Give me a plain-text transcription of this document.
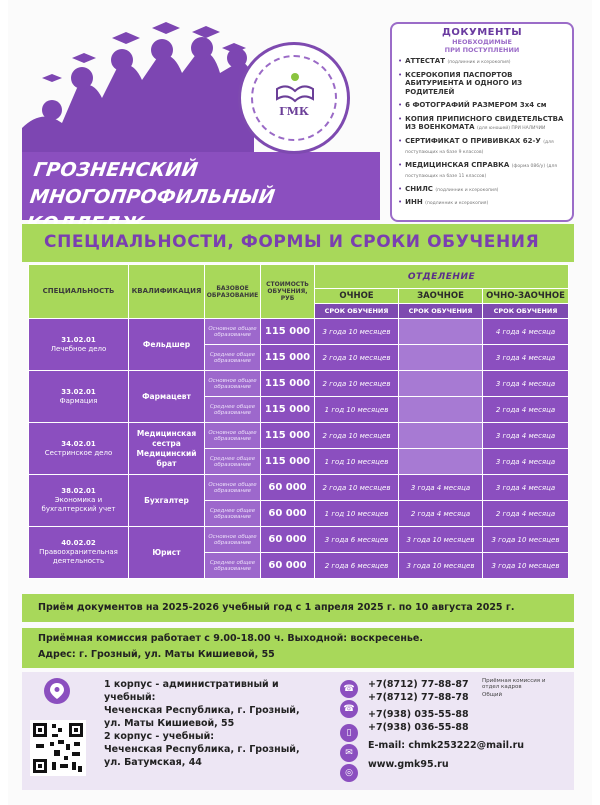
ГРОЗНЕНСКИЙ
МНОГОПРОФИЛЬНЫЙ
ГМК
ДОКУМЕНТЫ
НЕОБХОДИМЫЕ
ПРИ ПОСТУПЛЕНИИ
• АТТЕСТАТ (подлинник и ксерокопия)
• КСЕРОКОПИЯ ПАСПОРТОВ АБИТУРИЕНТА И ОДНОГО ИЗ РОДИТЕЛЕЙ
• 6 ФОТОГРАФИЙ РАЗМЕРОМ 3х4 см
• КОПИЯ ПРИПИСНОГО СВИДЕТЕЛЬСТВА ИЗ ВОЕНКОМАТА (для юношей) ПРИ НАЛИЧИИ
• СЕРТИФИКАТ О ПРИВИВКАХ 62-У (для поступающих на базе 9 классов)
• МЕДИЦИНСКАЯ СПРАВКА (форма 086/у) (для поступающих на базе 11 классов)
• СНИЛС (подлинник и ксерокопия)
• ИНН (подлинник и ксерокопия)
СПЕЦИАЛЬНОСТИ, ФОРМЫ И СРОКИ ОБУЧЕНИЯ
СПЕЦИАЛЬНОСТЬ	КВАЛИФИКАЦИЯ	БАЗОВОЕ ОБРАЗОВАНИЕ	СТОИМОСТЬ ОБУЧЕНИЯ, РУБ	ОТДЕЛЕНИЕ		
				ОЧНОЕ	ЗАОЧНОЕ	ОЧНО-ЗАОЧНОЕ
				СРОК ОБУЧЕНИЯ	СРОК ОБУЧЕНИЯ	СРОК ОБУЧЕНИЯ

31.02.01
Лечебное дело	Фельдшер	Основное общее образование	115 000	3 года 10 месяцев		4 года 4 месяца
		Среднее общее образование	115 000	2 года 10 месяцев		3 года 4 месяца

33.02.01
Фармация	Фармацевт	Основное общее образование	115 000	2 года 10 месяцев		3 года 4 месяца
		Среднее общее образование	115 000	1 год 10 месяцев		2 года 4 месяца

34.02.01
Сестринское дело	Медицинская сестра Медицинский брат	Основное общее образование	115 000	2 года 10 месяцев		3 года 4 месяца
		Среднее общее образование	115 000	1 год 10 месяцев		3 года 4 месяца

38.02.01
Экономика и бухгалтерский учет	Бухгалтер	Основное общее образование	60 000	2 года 10 месяцев	3 года 4 месяца	3 года 4 месяца
		Среднее общее образование	60 000	1 год 10 месяцев	2 года 4 месяца	2 года 4 месяца

40.02.02
Правоохранительная деятельность	Юрист	Основное общее образование	60 000	3 года 6 месяцев	3 года 10 месяцев	3 года 10 месяцев
		Среднее общее образование	60 000	2 года 6 месяцев	3 года 10 месяцев	3 года 10 месяцев
Приём документов на 2025-2026 учебный год с 1 апреля 2025 г. по 10 августа 2025 г.
Приёмная комиссия работает с 9.00-18.00 ч. Выходной: воскресенье.
Адрес: г. Грозный, ул. Маты Кишиевой, 55
1 корпус - административный и
учебный:
Чеченская Республика, г. Грозный,
ул. Маты Кишиевой, 55
2 корпус - учебный:
Чеченская Республика, г. Грозный,
ул. Батумская, 44
☎
☎
▯
✉
◎
+7(8712) 77-88-87 Приёмная комиссия и отдел кадров
+7(8712) 77-88-78 Общий
+7(938) 035-55-88
+7(938) 036-55-88
E-mail: chmk253222@mail.ru
www.gmk95.ru
